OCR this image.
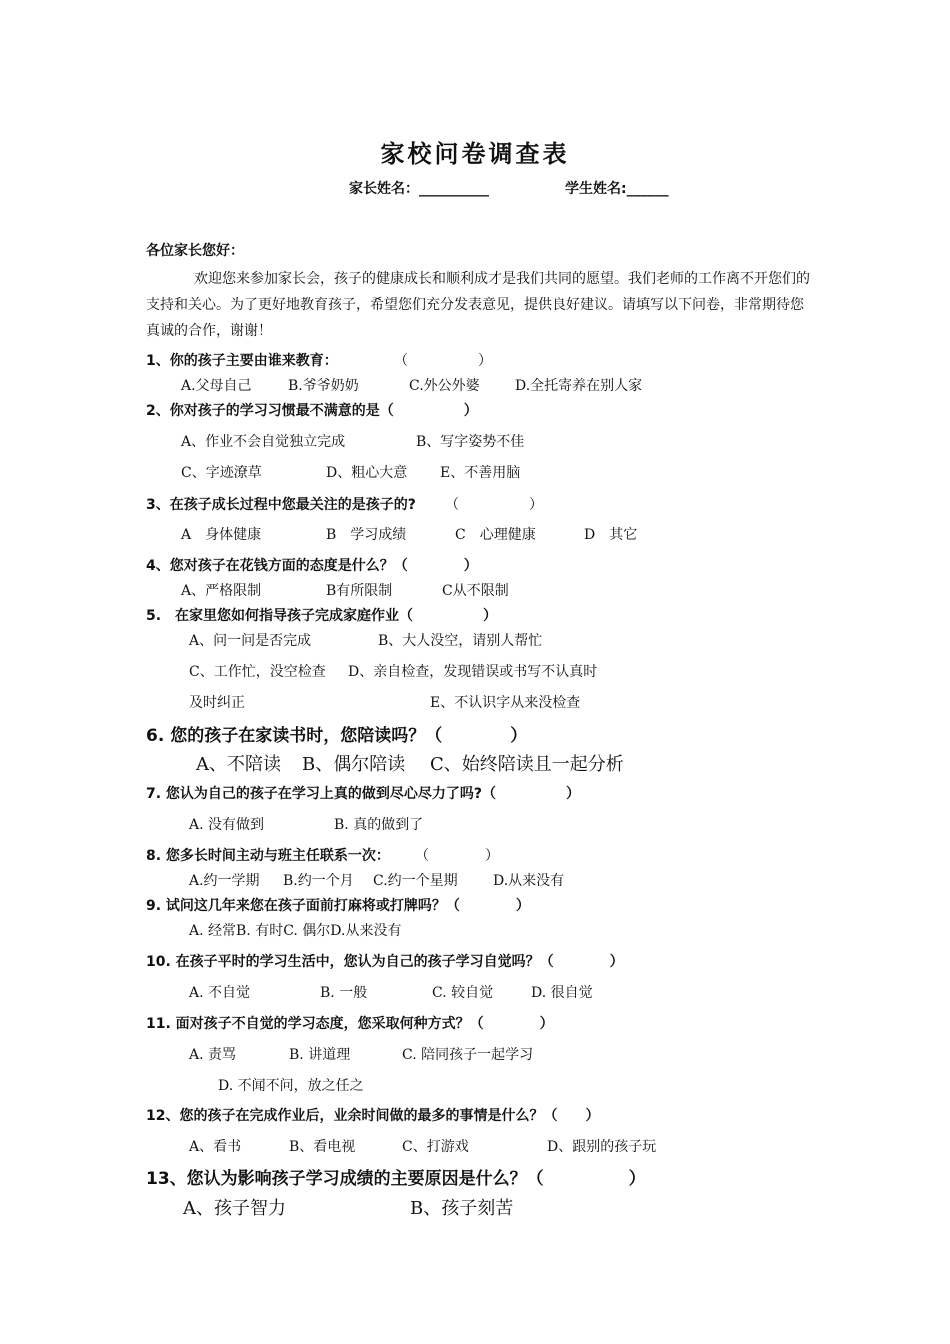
家校问卷调查表
家长姓名：__________	学生姓名:______
各位家长您好：
欢迎您来参加家长会，孩子的健康成长和顺利成才是我们共同的愿望。我们老师的工作离不开您们的支持和关心。为了更好地教育孩子，希望您们充分发表意见，提供良好建议。请填写以下问卷，非常期待您真诚的合作，谢谢！
1、你的孩子主要由谁来教育：	（　　　　　）
A.父母自己	B.爷爷奶奶	C.外公外婆	D.全托寄养在别人家
2、你对孩子的学习习惯最不满意的是（　　　　　）
A、作业不会自觉独立完成	B、写字姿势不佳
C、字迹潦草	D、粗心大意 E、不善用脑
3、在孩子成长过程中您最关注的是孩子的? （　　　　　）
A　身体健康	B　学习成绩	C　心理健康	D　其它
4、您对孩子在花钱方面的态度是什么？（　　　　）
A、严格限制	B有所限制	C从不限制
5.　在家里您如何指导孩子完成家庭作业（　　　　　）
A、问一问是否完成	B、大人没空，请别人帮忙
C、工作忙，没空检查 D、亲自检查，发现错误或书写不认真时
及时纠正	E、不认识字从来没检查
6. 您的孩子在家读书时，您陪读吗？（　　　　）
A、不陪读 B、偶尔陪读 C、始终陪读且一起分析
7. 您认为自己的孩子在学习上真的做到尽心尽力了吗?（　　　　　）
A. 没有做到	B. 真的做到了
8. 您多长时间主动与班主任联系一次： （　　　　）
A.约一学期 B.约一个月 C.约一个星期	D.从来没有
9. 试问这几年来您在孩子面前打麻将或打牌吗？（　　　　）
A. 经常B. 有时C. 偶尔D.从来没有
10. 在孩子平时的学习生活中，您认为自己的孩子学习自觉吗？（　　　　）
A. 不自觉	B. 一般	C. 较自觉	D. 很自觉
11. 面对孩子不自觉的学习态度，您采取何种方式？（　　　　）
A. 责骂	B. 讲道理	C. 陪同孩子一起学习
D. 不闻不问，放之任之
12、您的孩子在完成作业后，业余时间做的最多的事情是什么？（　　）
A、看书	B、看电视	C、打游戏	D、跟别的孩子玩
13、您认为影响孩子学习成绩的主要原因是什么？（　　　　　）
A、孩子智力	B、孩子刻苦
